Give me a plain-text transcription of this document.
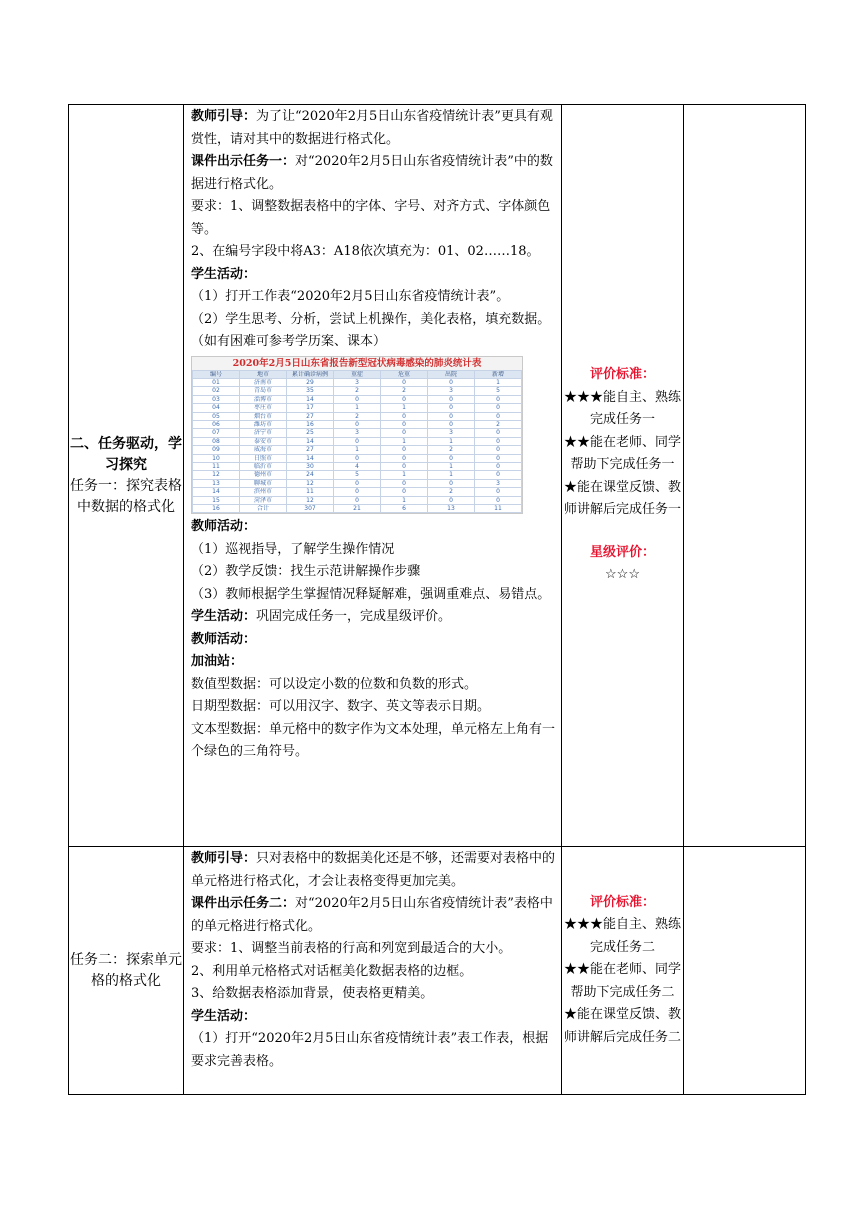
二、任务驱动，学习探究
任务一：探究表格中数据的格式化

教师引导：为了让“2020年2月5日山东省疫情统计表”更具有观赏性，请对其中的数据进行格式化。
课件出示任务一：对“2020年2月5日山东省疫情统计表”中的数据进行格式化。
要求：1、调整数据表格中的字体、字号、对齐方式、字体颜色等。
2、在编号字段中将A3：A18依次填充为：01、02……18。
学生活动：
（1）打开工作表“2020年2月5日山东省疫情统计表”。
（2）学生思考、分析，尝试上机操作，美化表格，填充数据。（如有困难可参考学历案、课本）
2020年2月5日山东省报告新型冠状病毒感染的肺炎统计表
编号	地市	累计确诊病例	重症	危重	出院	新增
01	济南市	29	3	0	0	1
02	青岛市	35	2	2	3	5
03	淄博市	14	0	0	0	0
04	枣庄市	17	1	1	0	0
05	烟台市	27	2	0	0	0
06	潍坊市	16	0	0	0	2
07	济宁市	25	3	0	3	0
08	泰安市	14	0	1	1	0
09	威海市	27	1	0	2	0
10	日照市	14	0	0	0	0
11	临沂市	30	4	0	1	0
12	德州市	24	5	1	1	0
13	聊城市	12	0	0	0	3
14	滨州市	11	0	0	2	0
15	菏泽市	12	0	1	0	0
16	合计	307	21	6	13	11
教师活动：
（1）巡视指导，了解学生操作情况
（2）教学反馈：找生示范讲解操作步骤
（3）教师根据学生掌握情况释疑解难，强调重难点、易错点。
学生活动：巩固完成任务一，完成星级评价。
教师活动：
加油站：
数值型数据：可以设定小数的位数和负数的形式。
日期型数据：可以用汉字、数字、英文等表示日期。
文本型数据：单元格中的数字作为文本处理，单元格左上角有一个绿色的三角符号。

评价标准：
★★★能自主、熟练完成任务一
★★能在老师、同学帮助下完成任务一
★能在课堂反馈、教师讲解后完成任务一
星级评价：
☆☆☆

任务二：探索单元格的格式化

教师引导：只对表格中的数据美化还是不够，还需要对表格中的单元格进行格式化，才会让表格变得更加完美。
课件出示任务二：对“2020年2月5日山东省疫情统计表”表格中的单元格进行格式化。
要求：1、调整当前表格的行高和列宽到最适合的大小。
2、利用单元格格式对话框美化数据表格的边框。
3、给数据表格添加背景，使表格更精美。
学生活动：
（1）打开“2020年2月5日山东省疫情统计表”表工作表，根据要求完善表格。

评价标准：
★★★能自主、熟练完成任务二
★★能在老师、同学帮助下完成任务二
★能在课堂反馈、教师讲解后完成任务二
